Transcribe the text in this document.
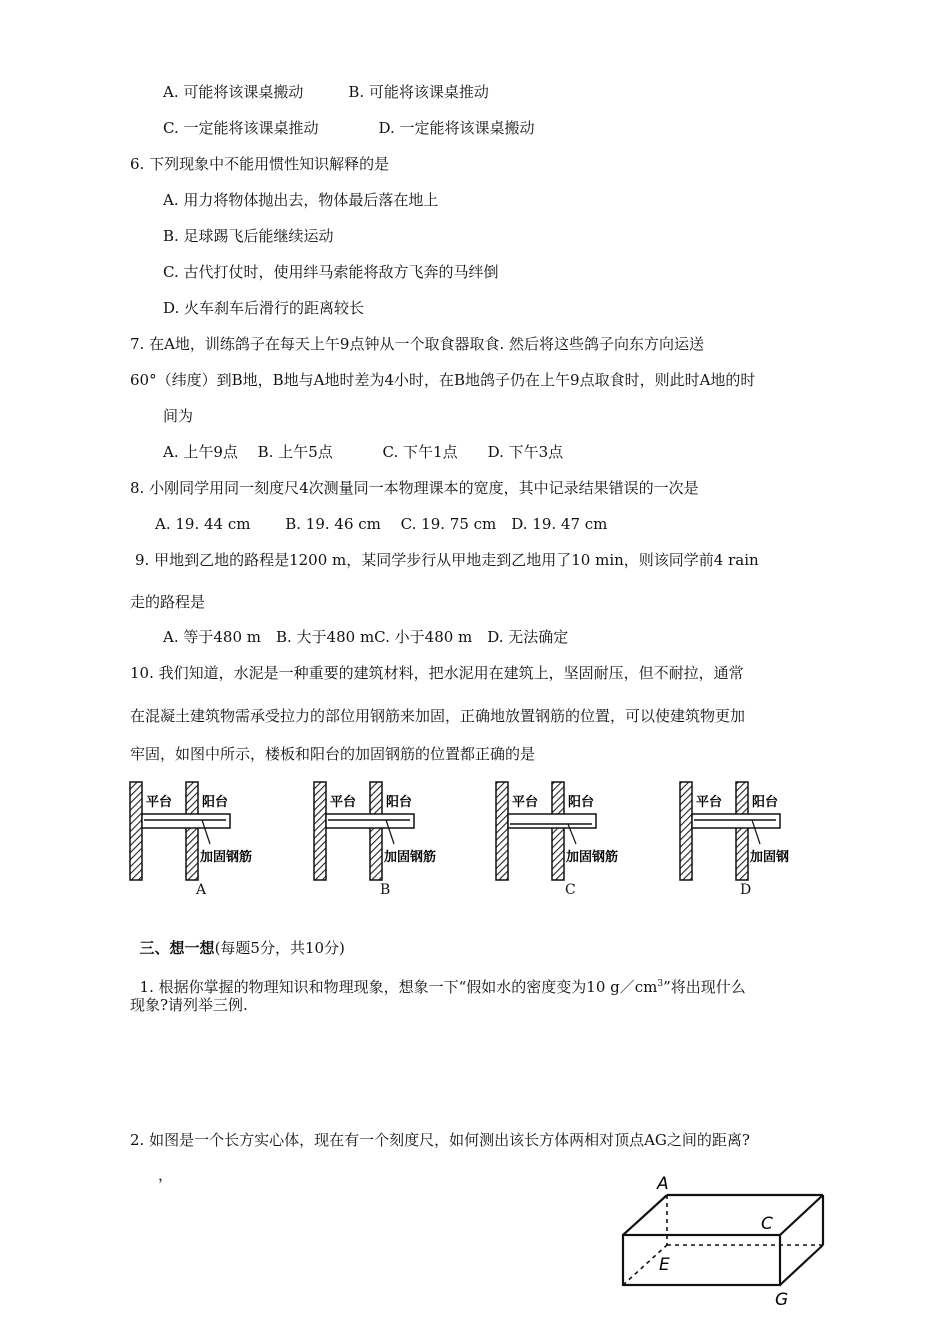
A. 可能将该课桌搬动　　　B. 可能将该课桌推动
C. 一定能将该课桌推动　　　　D. 一定能将该课桌搬动
6. 下列现象中不能用惯性知识解释的是
A. 用力将物体抛出去，物体最后落在地上
B. 足球踢飞后能继续运动
C. 古代打仗时，使用绊马索能将敌方飞奔的马绊倒
D. 火车刹车后滑行的距离较长
7. 在A地，训练鸽子在每天上午9点钟从一个取食器取食. 然后将这些鸽子向东方向运送
60°（纬度）到B地，B地与A地时差为4小时，在B地鸽子仍在上午9点取食时，则此时A地的时
间为
A. 上午9点　 B. 上午5点　　　 C. 下午1点　　D. 下午3点
8. 小刚同学用同一刻度尺4次测量同一本物理课本的宽度，其中记录结果错误的一次是
A. 19. 44 cm　　 B. 19. 46 cm　 C. 19. 75 cm　D. 19. 47 cm
9. 甲地到乙地的路程是1200 m，某同学步行从甲地走到乙地用了10 min，则该同学前4 rain
走的路程是
A. 等于480 m　B. 大于480 mC. 小于480 m　D. 无法确定
10. 我们知道，水泥是一种重要的建筑材料，把水泥用在建筑上，坚固耐压，但不耐拉，通常
在混凝土建筑物需承受拉力的部位用钢筋来加固，正确地放置钢筋的位置，可以使建筑物更加
牢固，如图中所示，楼板和阳台的加固钢筋的位置都正确的是
平台 阳台
加固钢筋
平台 阳台
加固钢筋
平台 阳台
加固钢筋
平台 阳台
加固钢
A	B	C	D

三、想一想(每题5分，共10分)

1. 根据你掌握的物理知识和物理现象，想象一下“假如水的密度变为10 $g/cm^3$”将出现什么

现象?请列举三例.
2. 如图是一个长方实心体，现在有一个刻度尺，如何测出该长方体两相对顶点AG之间的距离?
，	A
C
E
G
